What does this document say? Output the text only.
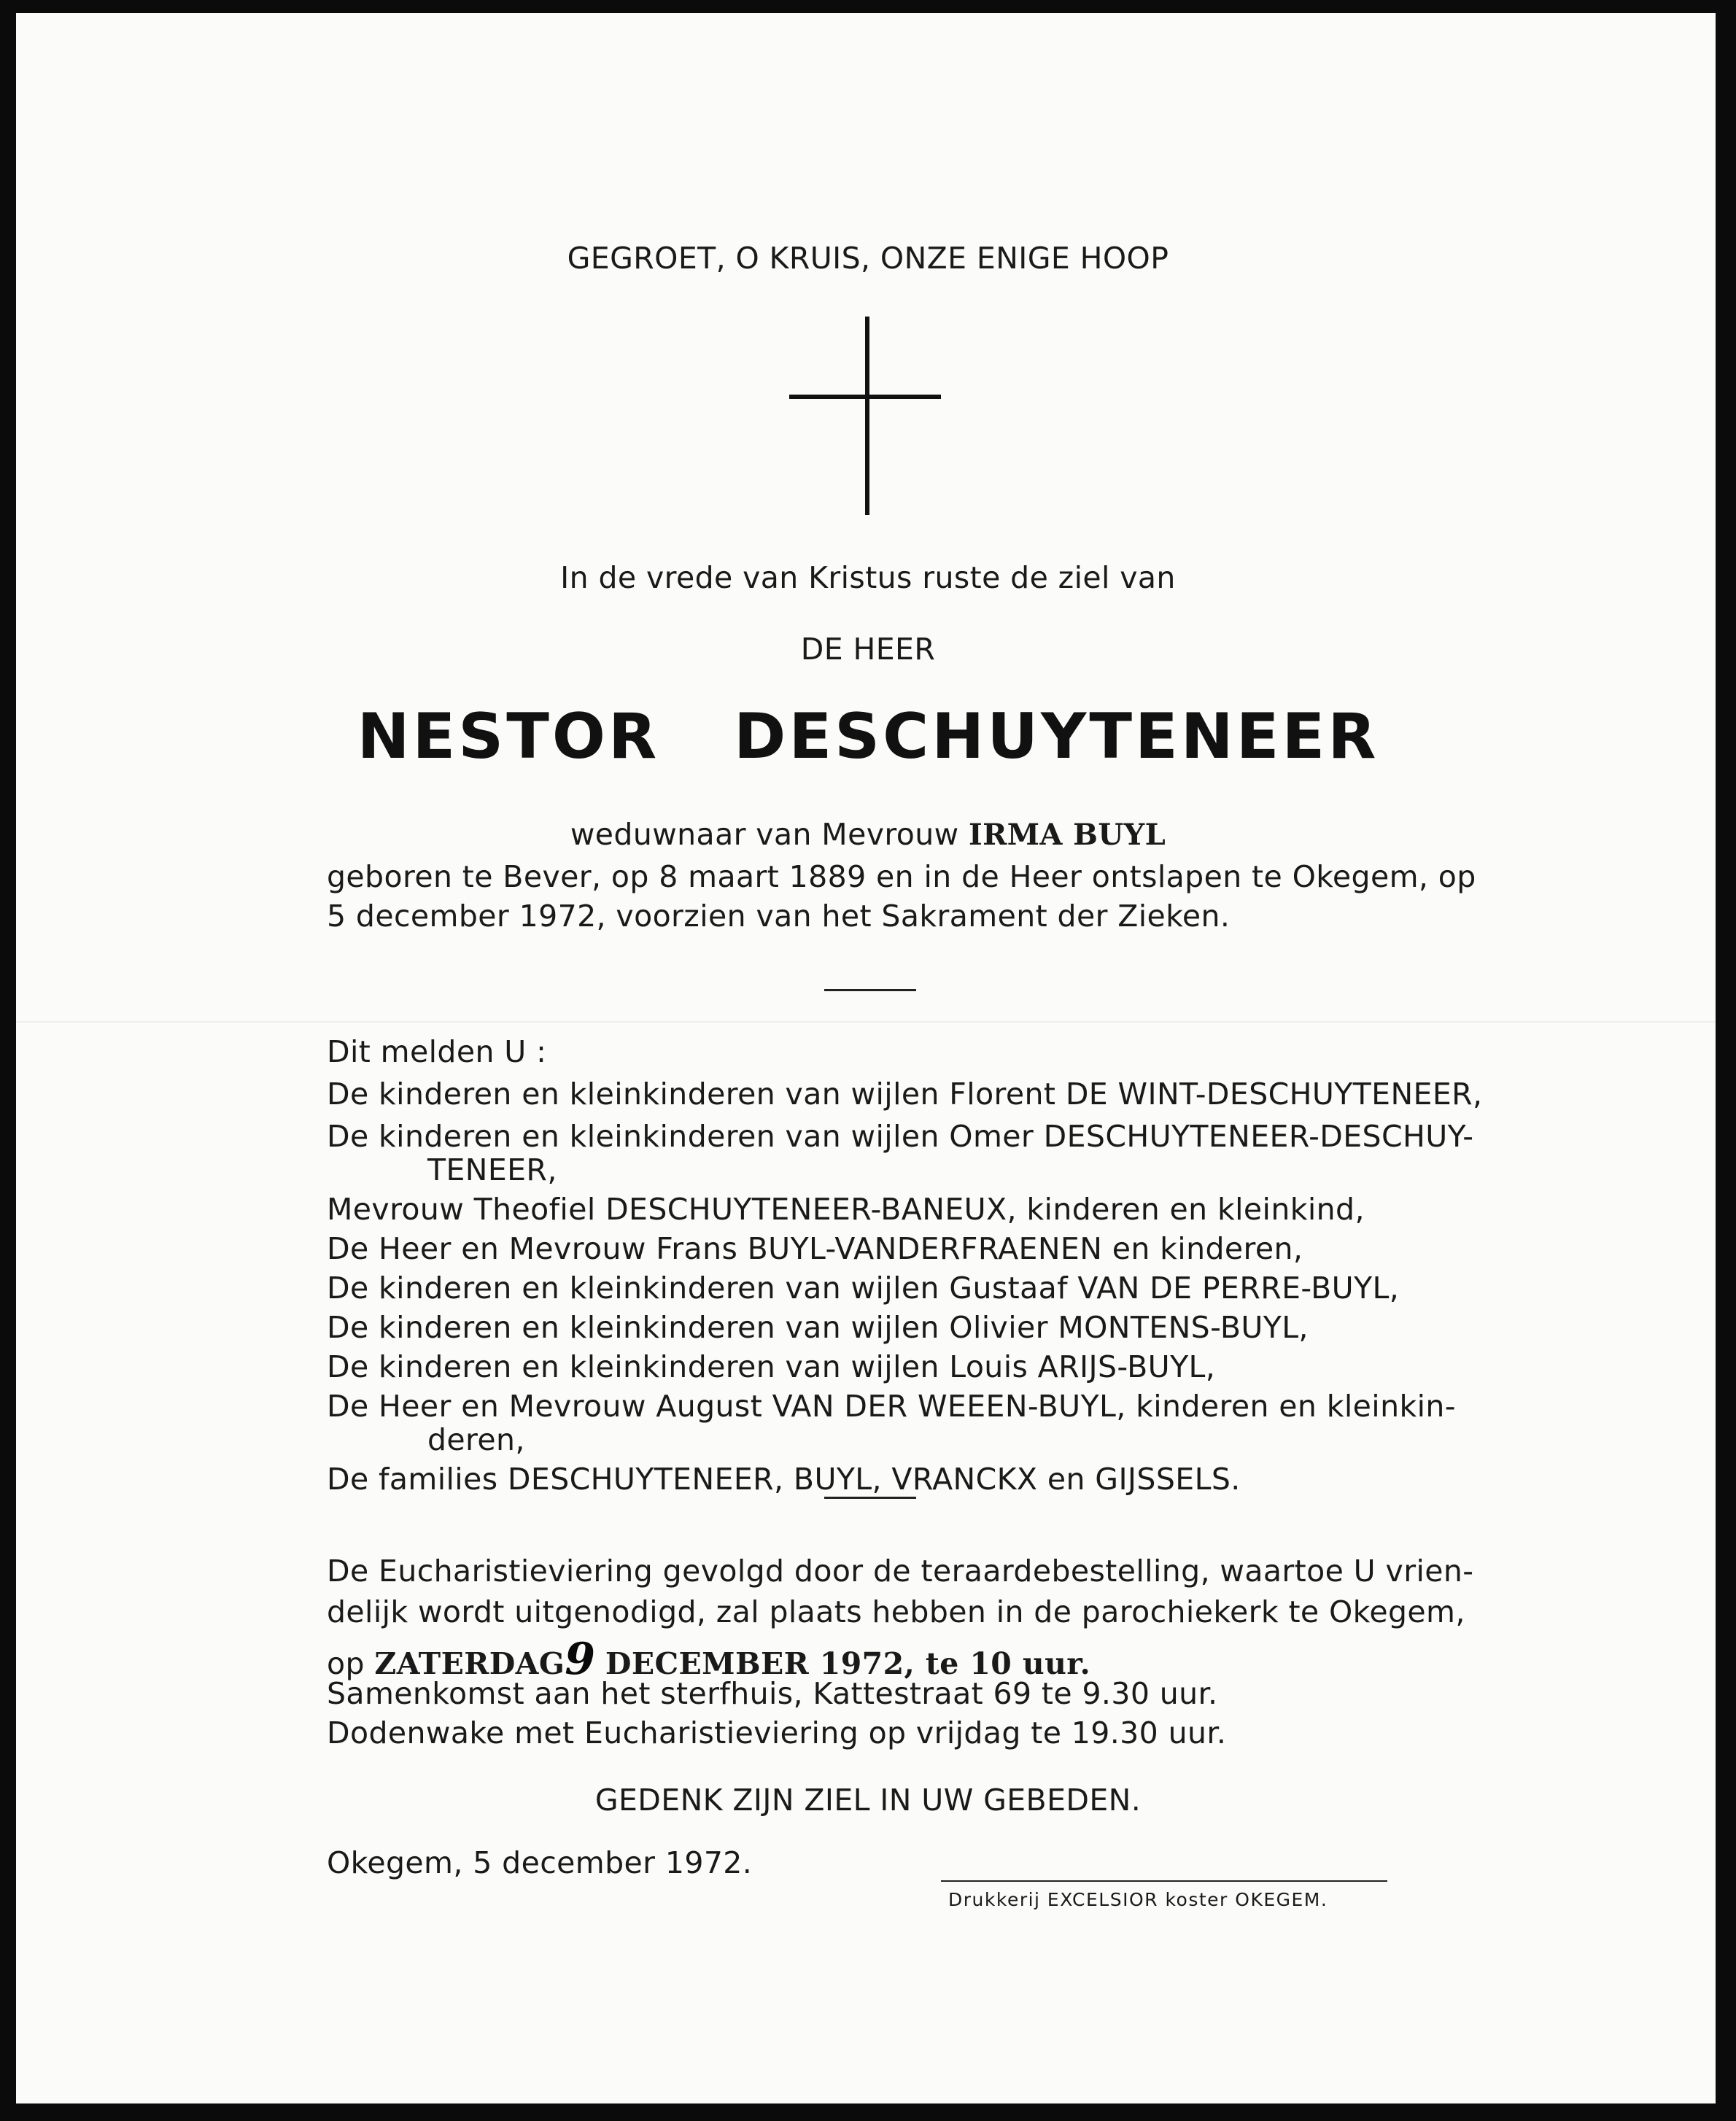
GEGROET, O KRUIS, ONZE ENIGE HOOP
In de vrede van Kristus ruste de ziel van
DE HEER
NESTOR   DESCHUYTENEER
weduwnaar van Mevrouw IRMA BUYL
geboren te Bever, op 8 maart 1889 en in de Heer ontslapen te Okegem, op
5 december 1972, voorzien van het Sakrament der Zieken.
Dit melden U :
De kinderen en kleinkinderen van wijlen Florent DE WINT-DESCHUYTENEER,
De kinderen en kleinkinderen van wijlen Omer DESCHUYTENEER-DESCHUY-
TENEER,
Mevrouw Theofiel DESCHUYTENEER-BANEUX, kinderen en kleinkind,
De Heer en Mevrouw Frans BUYL-VANDERFRAENEN en kinderen,
De kinderen en kleinkinderen van wijlen Gustaaf VAN DE PERRE-BUYL,
De kinderen en kleinkinderen van wijlen Olivier MONTENS-BUYL,
De kinderen en kleinkinderen van wijlen Louis ARIJS-BUYL,
De Heer en Mevrouw August VAN DER WEEEN-BUYL, kinderen en kleinkin-
deren,
De families DESCHUYTENEER, BUYL, VRANCKX en GIJSSELS.
De Eucharistieviering gevolgd door de teraardebestelling, waartoe U vrien-
delijk wordt uitgenodigd, zal plaats hebben in de parochiekerk te Okegem,
op ZATERDAG9 DECEMBER 1972, te 10 uur.
Samenkomst aan het sterfhuis, Kattestraat 69 te 9.30 uur.
Dodenwake met Eucharistieviering op vrijdag te 19.30 uur.
GEDENK ZIJN ZIEL IN UW GEBEDEN.
Okegem, 5 december 1972.
Drukkerij EXCELSIOR koster OKEGEM.
